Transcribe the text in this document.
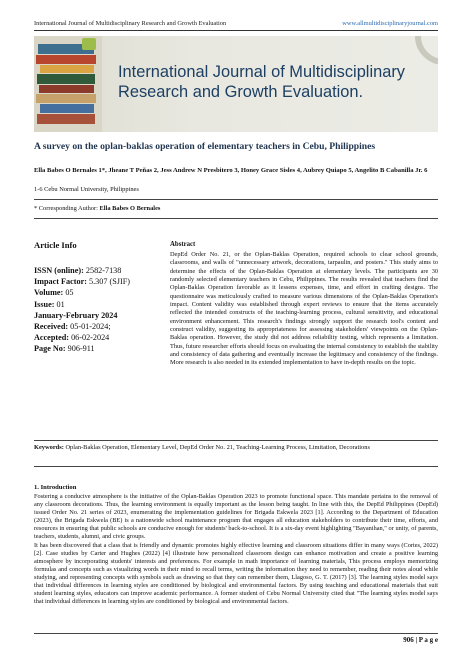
International Journal of Multidisciplinary Research and Growth Evaluation	www.allmultidisciplinaryjournal.com
International Journal of Multidisciplinary Research and Growth Evaluation.
A survey on the oplan-baklas operation of elementary teachers in Cebu, Philippines
Ella Babes O Bernales 1*, Jheane T Peñas 2, Jess Andrew N Presbitero 3, Honey Grace Sisles 4, Aubrey Quiapo 5, Angelito B Cabanilla Jr. 6
1-6 Cebu Normal University, Philippines
* Corresponding Author: Ella Babes O Bernales
Article Info
ISSN (online): 2582-7138
Impact Factor: 5.307 (SJIF)
Volume: 05
Issue: 01
January-February 2024
Received: 05-01-2024;
Accepted: 06-02-2024
Page No: 906-911
Abstract
DepEd Order No. 21, or the Oplan-Baklas Operation, required schools to clear school grounds, classrooms, and walls of "unnecessary artwork, decorations, tarpaulin, and posters." This study aims to determine the effects of the Oplan-Baklas Operation at elementary levels. The participants are 30 randomly selected elementary teachers in Cebu, Philippines. The results revealed that teachers find the Oplan-Baklas Operation favorable as it lessens expenses, time, and effort in crafting designs. The questionnaire was meticulously crafted to measure various dimensions of the Oplan-Baklas Operation's impact. Content validity was established through expert reviews to ensure that the items accurately reflected the intended constructs of the teaching-learning process, cultural sensitivity, and educational environment enhancement. This research's findings strongly support the research tool's content and construct validity, suggesting its appropriateness for assessing stakeholders' viewpoints on the Oplan-Baklas operation. However, the study did not address reliability testing, which represents a limitation. Thus, future researcher efforts should focus on evaluating the internal consistency to establish the stability and consistency of data gathering and eventually increase the legitimacy and consistency of the findings. More research is also needed in its extended implementation to have in-depth results on the topic.
Keywords: Oplan-Baklas Operation, Elementary Level, DepEd Order No. 21, Teaching-Learning Process, Limitation, Decorations
1. Introduction

Fostering a conducive atmosphere is the initiative of the Oplan-Baklas Operation 2023 to promote functional space. This mandate pertains to the removal of any classroom decorations. Thus, the learning environment is equally important as the lesson being taught. In line with this, the DepEd Philippines (DepEd) issued Order No. 21 series of 2023, enumerating the implementation guidelines for Brigada Eskwela 2023 [1]. According to the Department of Education (2023), the Brigada Eskwela (BE) is a nationwide school maintenance program that engages all education stakeholders to contribute their time, efforts, and resources in ensuring that public schools are conducive enough for students' back-to-school. It is a six-day event highlighting "Bayanihan," or unity, of parents, teachers, students, alumni, and civic groups.

It has been discovered that a class that is friendly and dynamic promotes highly effective learning and classroom situations differ in many ways (Cortes, 2022) [2]. Case studies by Carter and Hughes (2022) [4] illustrate how personalized classroom design can enhance motivation and create a positive learning atmosphere by incorporating students' interests and preferences. For example in math importance of learning materials, This process employs memorizing formulas and concepts such as visualizing words in their mind to recall terms, writing the information they need to remember, reading their notes aloud while studying, and representing concepts with symbols such as drawing so that they can remember them, Llagoso, G. T. (2017) [3]. The learning styles model says that individual differences in learning styles are conditioned by biological and environmental factors. By using teaching and educational materials that suit student learning styles, educators can improve academic performance. A former student of Cebu Normal University cited that "The learning styles model says that individual differences in learning styles are conditioned by biological and environmental factors.

906 | P a g e
